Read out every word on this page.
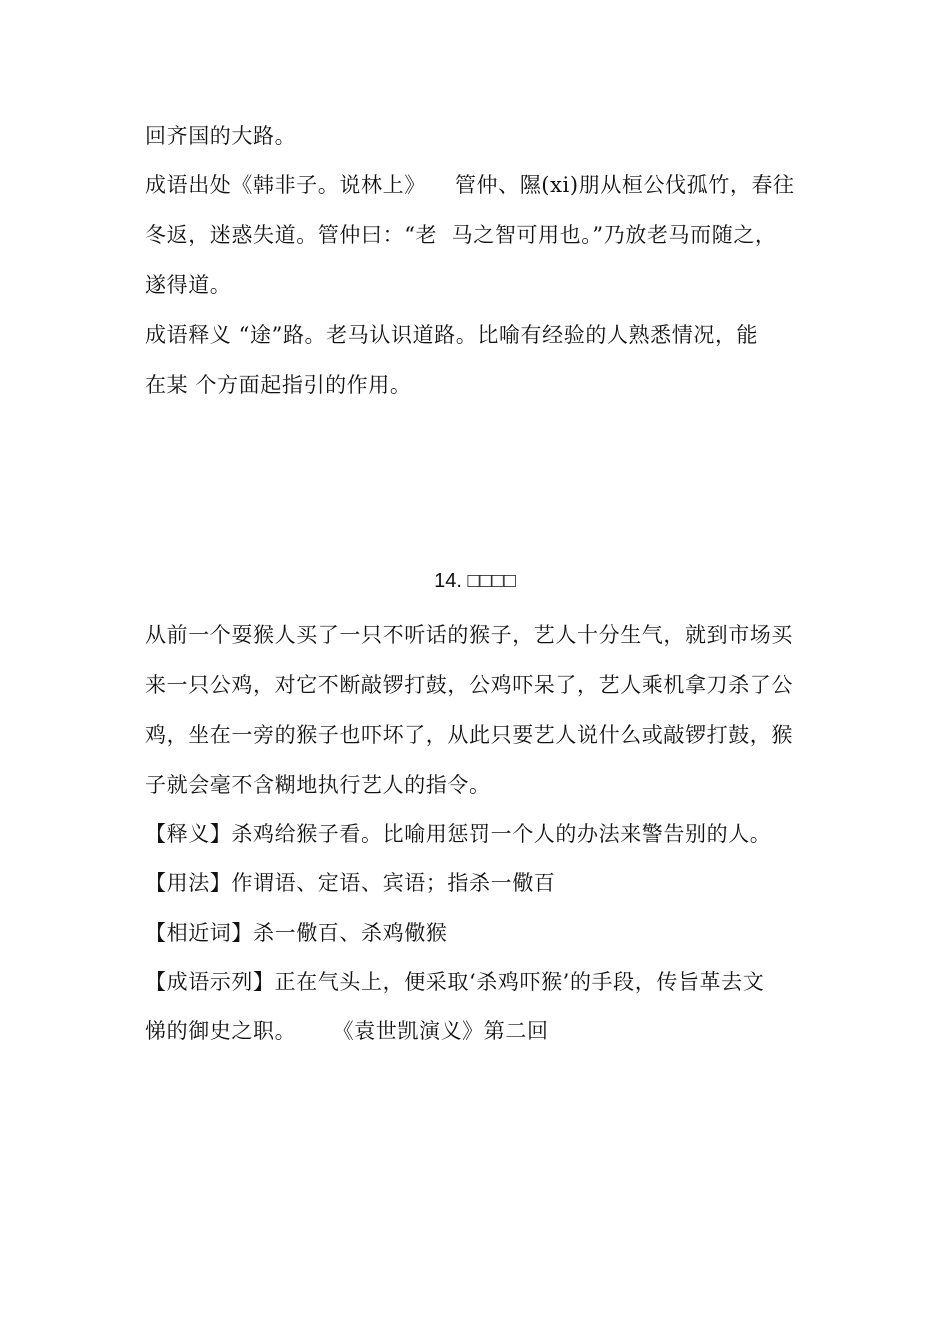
回齐国的大路。
成语出处《韩非子。说林上》    管仲、隰(xi)朋从桓公伐孤竹，春往
冬返，迷惑失道。管仲曰：“老  马之智可用也。”乃放老马而随之，
遂得道。
成语释义 “途”路。老马认识道路。比喻有经验的人熟悉情况，能
在某 个方面起指引的作用。
14. □□□□
从前一个耍猴人买了一只不听话的猴子，艺人十分生气，就到市场买
来一只公鸡，对它不断敲锣打鼓，公鸡吓呆了，艺人乘机拿刀杀了公
鸡，坐在一旁的猴子也吓坏了，从此只要艺人说什么或敲锣打鼓，猴
子就会毫不含糊地执行艺人的指令。
【释义】杀鸡给猴子看。比喻用惩罚一个人的办法来警告别的人。
【用法】作谓语、定语、宾语；指杀一儆百
【相近词】杀一儆百、杀鸡儆猴
【成语示列】正在气头上，便采取‘杀鸡吓猴’的手段，传旨革去文
悌的御史之职。     《袁世凯演义》第二回
